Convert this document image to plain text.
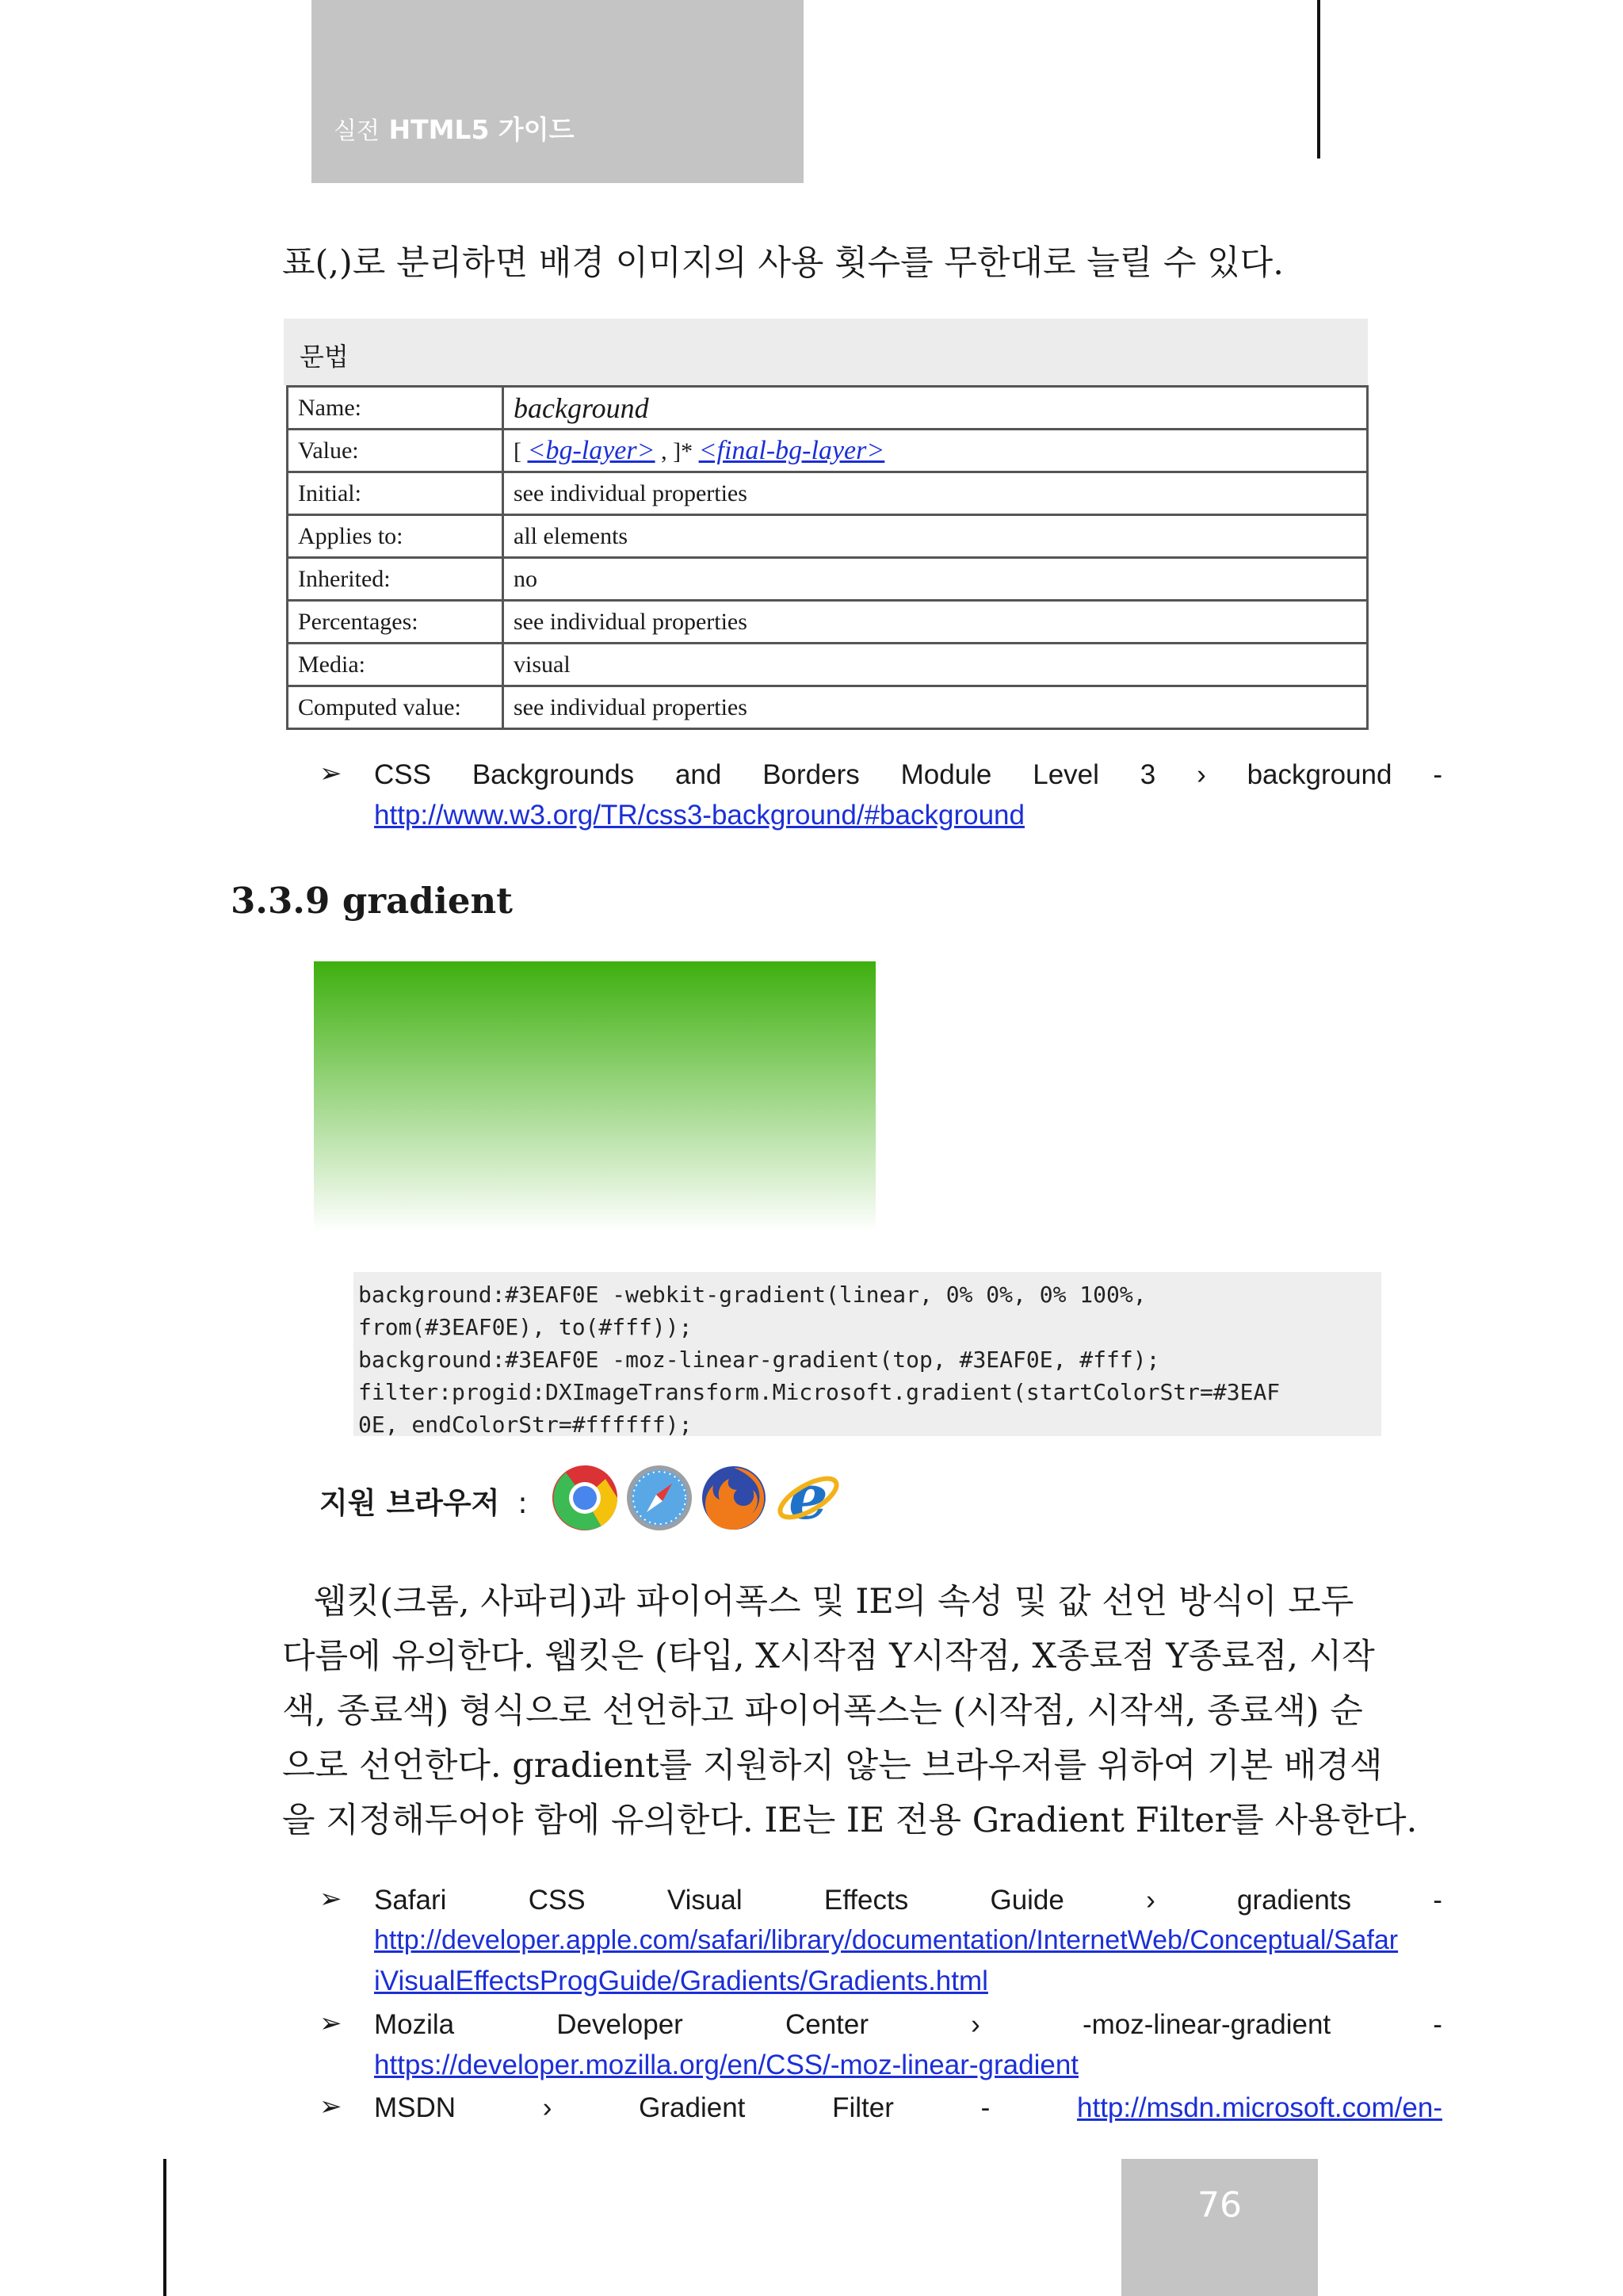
실전 HTML5 가이드
표(,)로 분리하면 배경 이미지의 사용 횟수를 무한대로 늘릴 수 있다.
문법
Name:	background
Value:	[ <bg-layer> , ]* <final-bg-layer>
Initial:	see individual properties
Applies to:	all elements
Inherited:	no
Percentages:	see individual properties
Media:	visual
Computed value:	see individual properties
➢ CSS Backgrounds and Borders Module Level 3 › background -
http://www.w3.org/TR/css3-background/#background
3.3.9 gradient
background:#3EAF0E -webkit-gradient(linear, 0% 0%, 0% 100%,
from(#3EAF0E), to(#fff));
background:#3EAF0E -moz-linear-gradient(top, #3EAF0E, #fff);
filter:progid:DXImageTransform.Microsoft.gradient(startColorStr=#3EAF
0E, endColorStr=#ffffff);
지원 브라우저 :	e
웹킷(크롬, 사파리)과 파이어폭스 및 IE의 속성 및 값 선언 방식이 모두
다름에 유의한다. 웹킷은 (타입, X시작점 Y시작점, X종료점 Y종료점, 시작
색, 종료색) 형식으로 선언하고 파이어폭스는 (시작점, 시작색, 종료색) 순
으로 선언한다. gradient를 지원하지 않는 브라우저를 위하여 기본 배경색
을 지정해두어야 함에 유의한다. IE는 IE 전용 Gradient Filter를 사용한다.
➢ Safari	CSS	Visual	Effects	Guide	›	gradients	-
http://developer.apple.com/safari/library/documentation/InternetWeb/Conceptual/Safar
iVisualEffectsProgGuide/Gradients/Gradients.html
➢ Mozila	Developer	Center	›	-moz-linear-gradient	-
https://developer.mozilla.org/en/CSS/-moz-linear-gradient
➢ MSDN	›	Gradient	Filter	-	http://msdn.microsoft.com/en-
76
